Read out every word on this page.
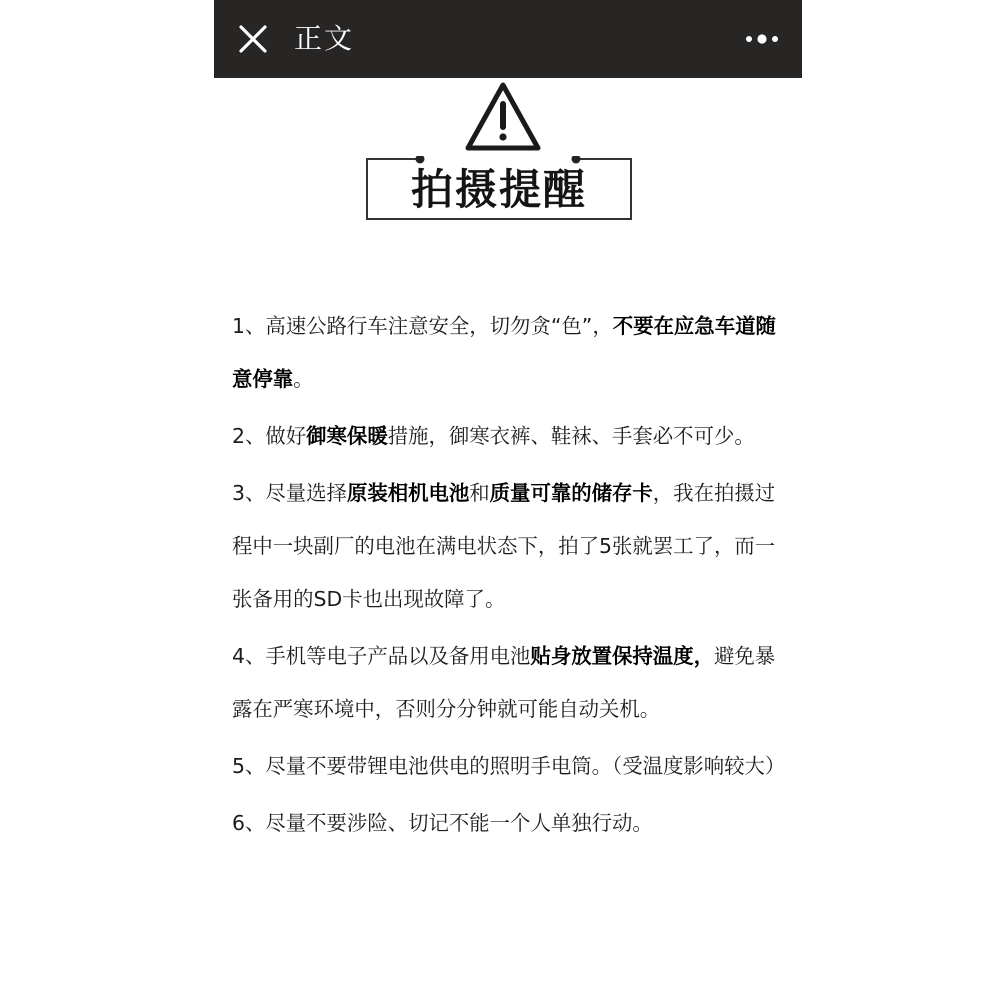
正文
拍摄提醒

1、高速公路行车注意安全，切勿贪“色”，不要在应急车道随意停靠。

2、做好御寒保暖措施，御寒衣裤、鞋袜、手套必不可少。

3、尽量选择原装相机电池和质量可靠的储存卡，我在拍摄过程中一块副厂的电池在满电状态下，拍了5张就罢工了，而一张备用的SD卡也出现故障了。

4、手机等电子产品以及备用电池贴身放置保持温度，避免暴露在严寒环境中，否则分分钟就可能自动关机。

5、尽量不要带锂电池供电的照明手电筒。（受温度影响较大）

6、尽量不要涉险、切记不能一个人单独行动。
